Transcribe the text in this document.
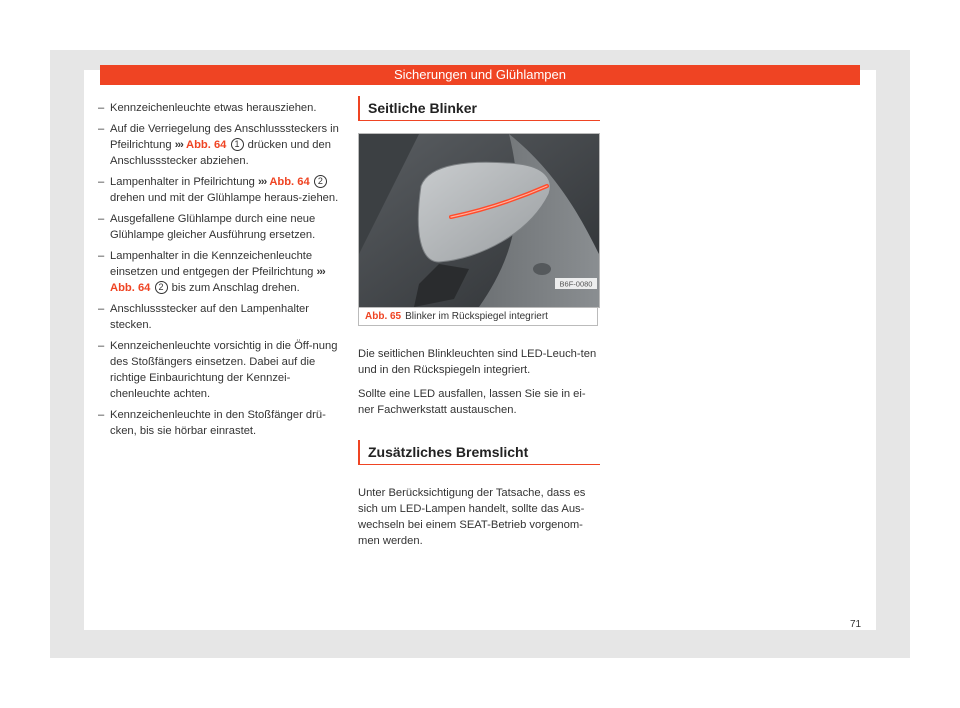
Sicherungen und Glühlampen
– Kennzeichenleuchte etwas herausziehen.
– Auf die Verriegelung des Anschlusssteckers in Pfeilrichtung ››› Abb. 64 1 drücken und den Anschlussstecker abziehen.
– Lampenhalter in Pfeilrichtung ››› Abb. 64 2 drehen und mit der Glühlampe heraus-ziehen.
– Ausgefallene Glühlampe durch eine neue Glühlampe gleicher Ausführung ersetzen.
– Lampenhalter in die Kennzeichenleuchte einsetzen und entgegen der Pfeilrichtung ››› Abb. 64 2 bis zum Anschlag drehen.
– Anschlussstecker auf den Lampenhalter stecken.
– Kennzeichenleuchte vorsichtig in die Öff-nung des Stoßfängers einsetzen. Dabei auf die richtige Einbaurichtung der Kennzei-chenleuchte achten.
– Kennzeichenleuchte in den Stoßfänger drü-cken, bis sie hörbar einrastet.
Seitliche Blinker
B6F-0080
Abb. 65 Blinker im Rückspiegel integriert
Die seitlichen Blinkleuchten sind LED-Leuch-ten und in den Rückspiegeln integriert.
Sollte eine LED ausfallen, lassen Sie sie in ei-ner Fachwerkstatt austauschen.
Zusätzliches Bremslicht
Unter Berücksichtigung der Tatsache, dass es sich um LED-Lampen handelt, sollte das Aus-wechseln bei einem SEAT-Betrieb vorgenom-men werden.
71
